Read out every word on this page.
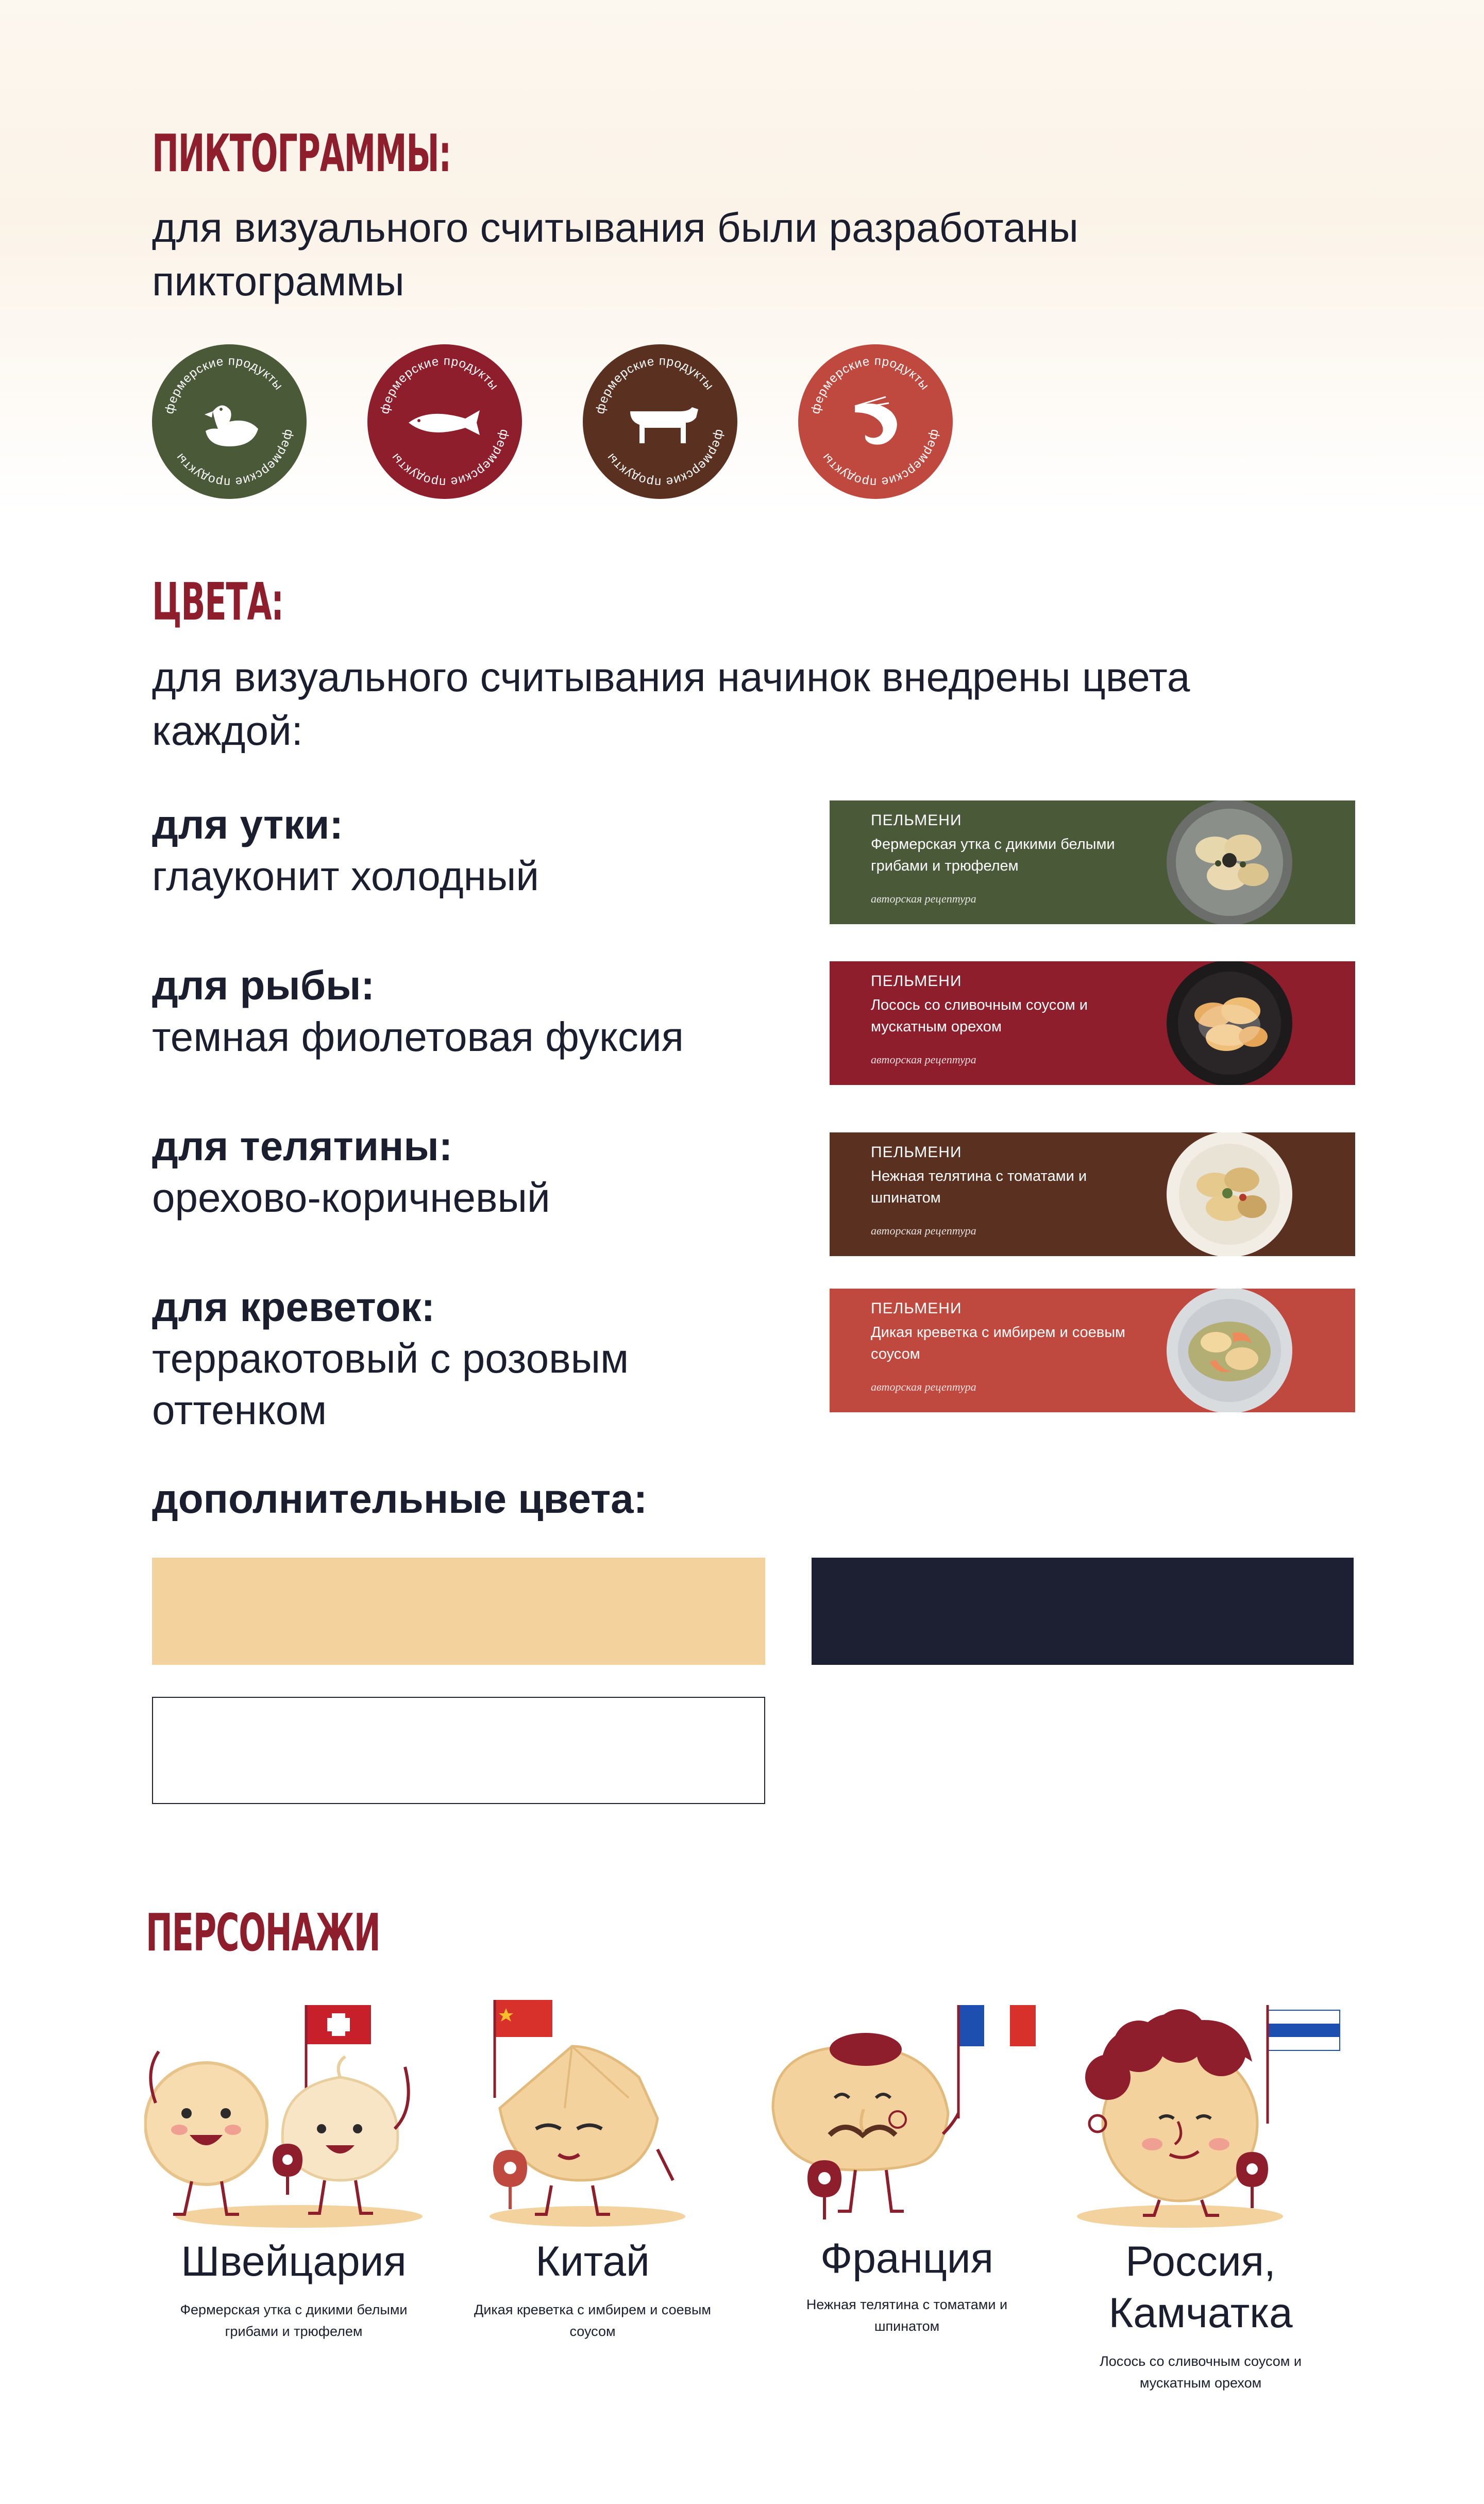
ПИКТОГРАММЫ:
для визуального считывания были разработаны пиктограммы
фермерские продукты
фермерские продукты
фермерские продукты
фермерские продукты
фермерские продукты
фермерские продукты
фермерские продукты
фермерские продукты
ЦВЕТА:
для визуального считывания начинок внедрены цвета каждой:
для утки:
глауконит холодный
ПЕЛЬМЕНИ
Фермерская утка с дикими белыми грибами и трюфелем
авторская рецептура
для рыбы:
темная фиолетовая фуксия
ПЕЛЬМЕНИ
Лосось со сливочным соусом и мускатным орехом
авторская рецептура
для телятины:
орехово-коричневый
ПЕЛЬМЕНИ
Нежная телятина с томатами и шпинатом
авторская рецептура
для креветок:
терракотовый с розовым оттенком
ПЕЛЬМЕНИ
Дикая креветка с имбирем и соевым соусом
авторская рецептура
дополнительные цвета:
ПЕРСОНАЖИ
Швейцария
Фермерская утка с дикими белыми грибами и трюфелем
Китай
Дикая креветка с имбирем и соевым соусом
Франция
Нежная телятина с томатами и шпинатом
Россия, Камчатка
Лосось со сливочным соусом и мускатным орехом
